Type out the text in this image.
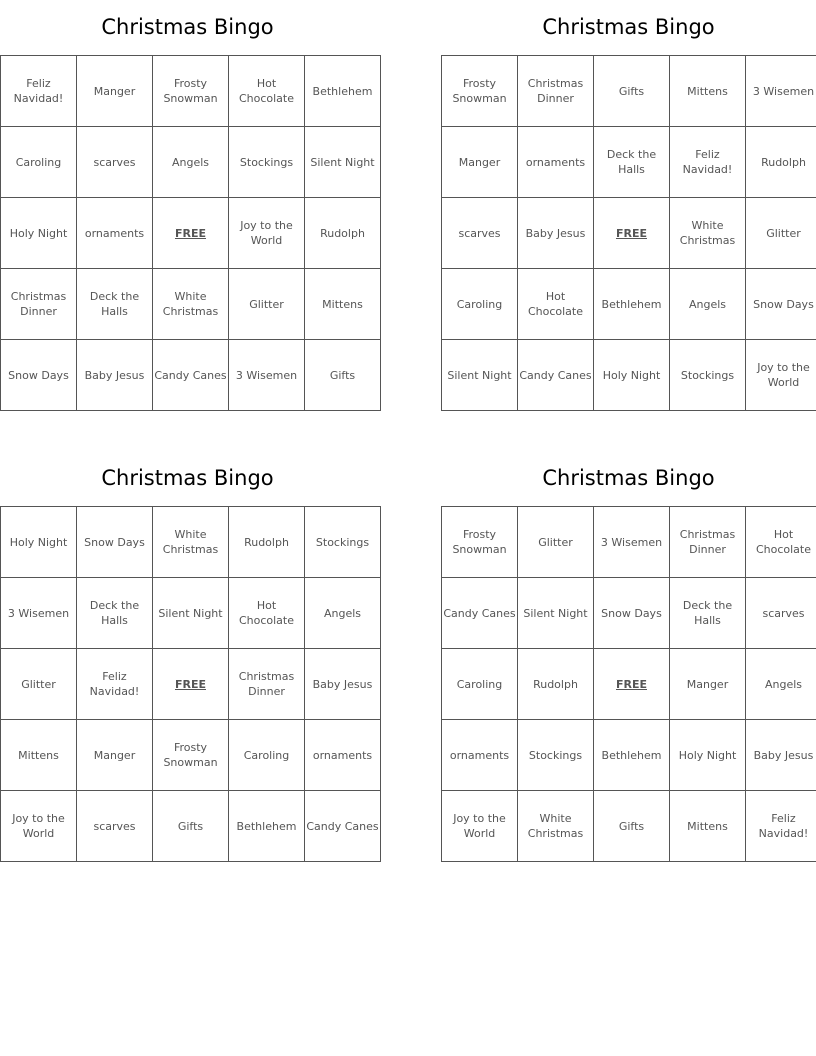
Christmas Bingo
Feliz Navidad!	Manger	Frosty Snowman	Hot Chocolate	Bethlehem
Caroling	scarves	Angels	Stockings	Silent Night
Holy Night	ornaments	FREE	Joy to the World	Rudolph
Christmas Dinner	Deck the Halls	White Christmas	Glitter	Mittens
Snow Days	Baby Jesus	Candy Canes	3 Wisemen	Gifts
Christmas Bingo
Frosty Snowman	Christmas Dinner	Gifts	Mittens	3 Wisemen
Manger	ornaments	Deck the Halls	Feliz Navidad!	Rudolph
scarves	Baby Jesus	FREE	White Christmas	Glitter
Caroling	Hot Chocolate	Bethlehem	Angels	Snow Days
Silent Night	Candy Canes	Holy Night	Stockings	Joy to the World
Christmas Bingo
Holy Night	Snow Days	White Christmas	Rudolph	Stockings
3 Wisemen	Deck the Halls	Silent Night	Hot Chocolate	Angels
Glitter	Feliz Navidad!	FREE	Christmas Dinner	Baby Jesus
Mittens	Manger	Frosty Snowman	Caroling	ornaments
Joy to the World	scarves	Gifts	Bethlehem	Candy Canes
Christmas Bingo
Frosty Snowman	Glitter	3 Wisemen	Christmas Dinner	Hot Chocolate
Candy Canes	Silent Night	Snow Days	Deck the Halls	scarves
Caroling	Rudolph	FREE	Manger	Angels
ornaments	Stockings	Bethlehem	Holy Night	Baby Jesus
Joy to the World	White Christmas	Gifts	Mittens	Feliz Navidad!
